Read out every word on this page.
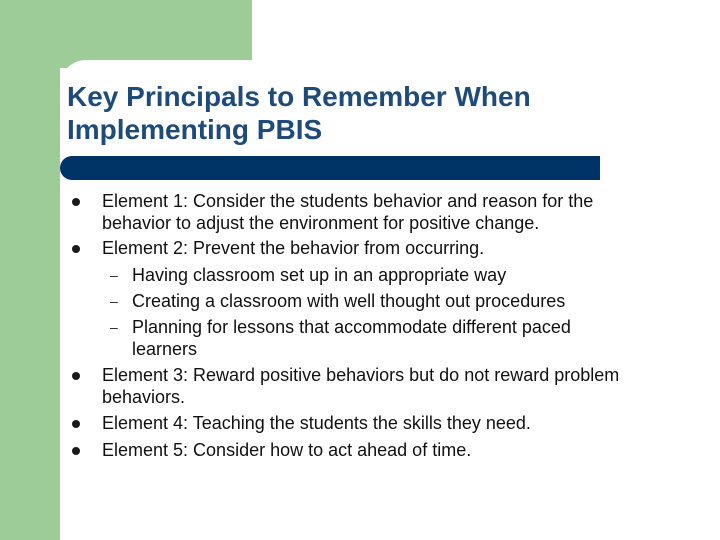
Key Principals to Remember When Implementing PBIS

Element 1: Consider the students behavior and reason for the behavior to adjust the environment for positive change.

Element 2: Prevent the behavior from occurring.

– Having classroom set up in an appropriate way

– Creating a classroom with well thought out procedures

– Planning for lessons that accommodate different paced learners

Element 3: Reward positive behaviors but do not reward problem behaviors.

Element 4: Teaching the students the skills they need.

Element 5: Consider how to act ahead of time.
